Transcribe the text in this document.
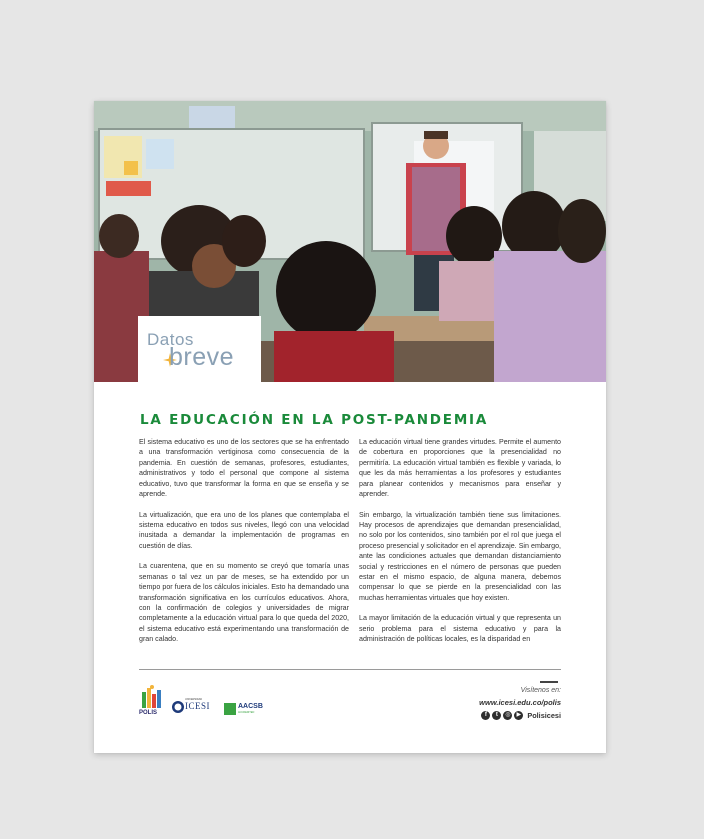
Datos
breve
LA EDUCACIÓN EN LA POST-PANDEMIA

El sistema educativo es uno de los sectores que se ha enfrentado a una transformación vertiginosa como consecuencia de la pandemia. En cuestión de semanas, profesores, estudiantes, administrativos y todo el personal que compone al sistema educativo, tuvo que transformar la forma en que se enseña y se aprende.

La virtualización, que era uno de los planes que contemplaba el sistema educativo en todos sus niveles, llegó con una velocidad inusitada a demandar la implementación de programas en cuestión de días.

La cuarentena, que en su momento se creyó que tomaría unas semanas o tal vez un par de meses, se ha extendido por un tiempo por fuera de los cálculos iniciales. Esto ha demandado una transformación significativa en los currículos educativos. Ahora, con la confirmación de colegios y universidades de migrar completamente a la educación virtual para lo que queda del 2020, el sistema educativo está experimentando una transformación de gran calado.

La educación virtual tiene grandes virtudes. Permite el aumento de cobertura en proporciones que la presencialidad no permitiría. La educación virtual también es flexible y variada, lo que les da más herramientas a los profesores y estudiantes para planear contenidos y mecanismos para enseñar y aprender.

Sin embargo, la virtualización también tiene sus limitaciones. Hay procesos de aprendizajes que demandan presencialidad, no solo por los contenidos, sino también por el rol que juega el proceso presencial y solicitador en el aprendizaje. Sin embargo, ante las condiciones actuales que demandan distanciamiento social y restricciones en el número de personas que pueden estar en el mismo espacio, de alguna manera, debemos compensar lo que se pierde en la presencialidad con las muchas herramientas virtuales que hoy existen.

La mayor limitación de la educación virtual y que representa un serio problema para el sistema educativo y para la administración de políticas locales, es la disparidad en

POLIS
UNIVERSIDAD
ICESI	AACSB
ACCREDITED
Visítenos en:
www.icesi.edu.co/polis
f	t	◎	▶ Polisicesi
